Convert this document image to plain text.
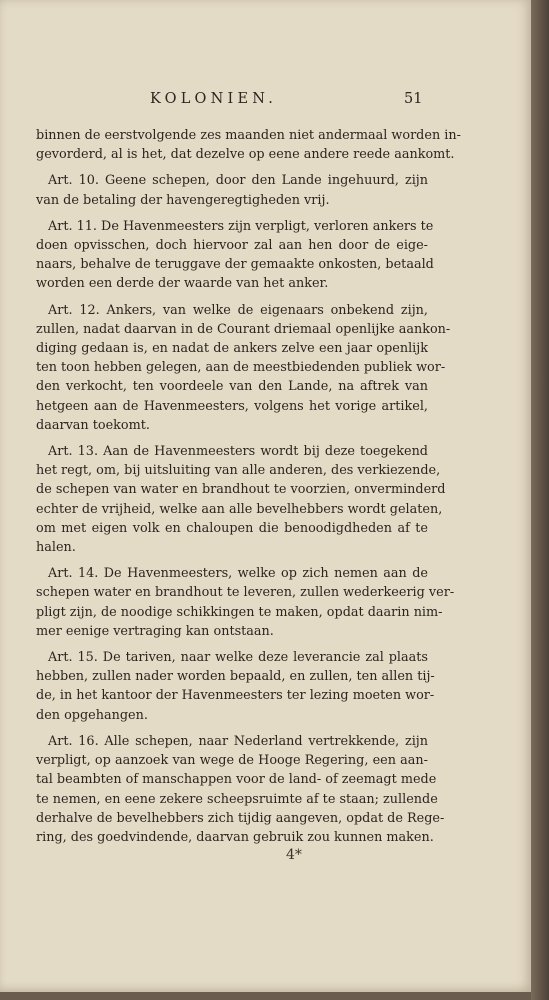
KOLONIEN.	51

binnen de eerstvolgende zes maanden niet andermaal worden in-
gevorderd, al is het, dat dezelve op eene andere reede aankomt.

Art. 10. Geene schepen, door den Lande ingehuurd, zijn
van de betaling der havengeregtigheden vrij.

Art. 11. De Havenmeesters zijn verpligt, verloren ankers te
doen opvisschen, doch hiervoor zal aan hen door de eige-
naars, behalve de teruggave der gemaakte onkosten, betaald
worden een derde der waarde van het anker.

Art. 12. Ankers, van welke de eigenaars onbekend zijn,
zullen, nadat daarvan in de Courant driemaal openlijke aankon-
diging gedaan is, en nadat de ankers zelve een jaar openlijk
ten toon hebben gelegen, aan de meestbiedenden publiek wor-
den verkocht, ten voordeele van den Lande, na aftrek van
hetgeen aan de Havenmeesters, volgens het vorige artikel,
daarvan toekomt.

Art. 13. Aan de Havenmeesters wordt bij deze toegekend
het regt, om, bij uitsluiting van alle anderen, des verkiezende,
de schepen van water en brandhout te voorzien, onverminderd
echter de vrijheid, welke aan alle bevelhebbers wordt gelaten,
om met eigen volk en chaloupen die benoodigdheden af te
halen.

Art. 14. De Havenmeesters, welke op zich nemen aan de
schepen water en brandhout te leveren, zullen wederkeerig ver-
pligt zijn, de noodige schikkingen te maken, opdat daarin nim-
mer eenige vertraging kan ontstaan.

Art. 15. De tariven, naar welke deze leverancie zal plaats
hebben, zullen nader worden bepaald, en zullen, ten allen tij-
de, in het kantoor der Havenmeesters ter lezing moeten wor-
den opgehangen.

Art. 16. Alle schepen, naar Nederland vertrekkende, zijn
verpligt, op aanzoek van wege de Hooge Regering, een aan-
tal beambten of manschappen voor de land- of zeemagt mede
te nemen, en eene zekere scheepsruimte af te staan; zullende
derhalve de bevelhebbers zich tijdig aangeven, opdat de Rege-
ring, des goedvindende, daarvan gebruik zou kunnen maken.

4*
